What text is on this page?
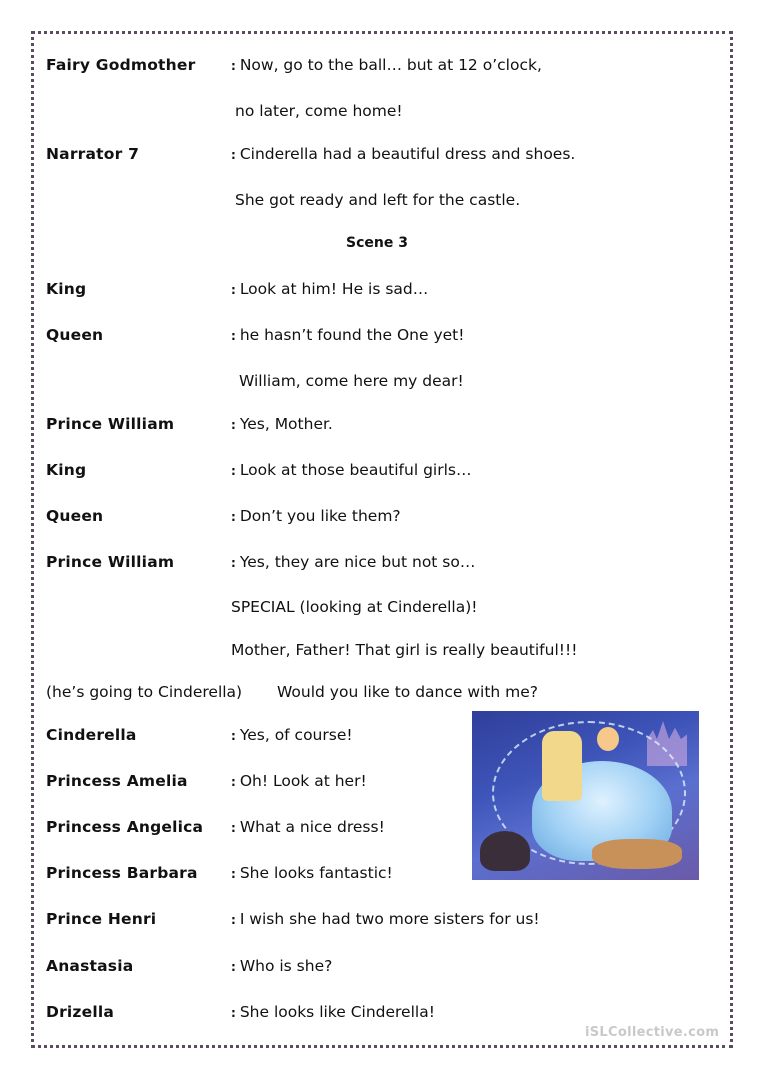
Fairy Godmother	: Now, go to the ball… but at 12 o’clock,
no later, come home!
Narrator 7	: Cinderella had a beautiful dress and shoes.
She got ready and left for the castle.
Scene 3
King	: Look at him! He is sad…
Queen	: he hasn’t found the One yet!
William, come here my dear!
Prince William	: Yes, Mother.
King	: Look at those beautiful girls…
Queen	: Don’t you like them?
Prince William	: Yes, they are nice but not so…
SPECIAL (looking at Cinderella)!
Mother, Father! That girl is really beautiful!!!
(he’s going to Cinderella) Would you like to dance with me?
Cinderella	: Yes, of course!
Princess Amelia	: Oh! Look at her!
Princess Angelica : What a nice dress!
Princess Barbara	: She looks fantastic!
Prince Henri	: I wish she had two more sisters for us!
Anastasia	: Who is she?
Drizella	: She looks like Cinderella!
iSLCollective.com
